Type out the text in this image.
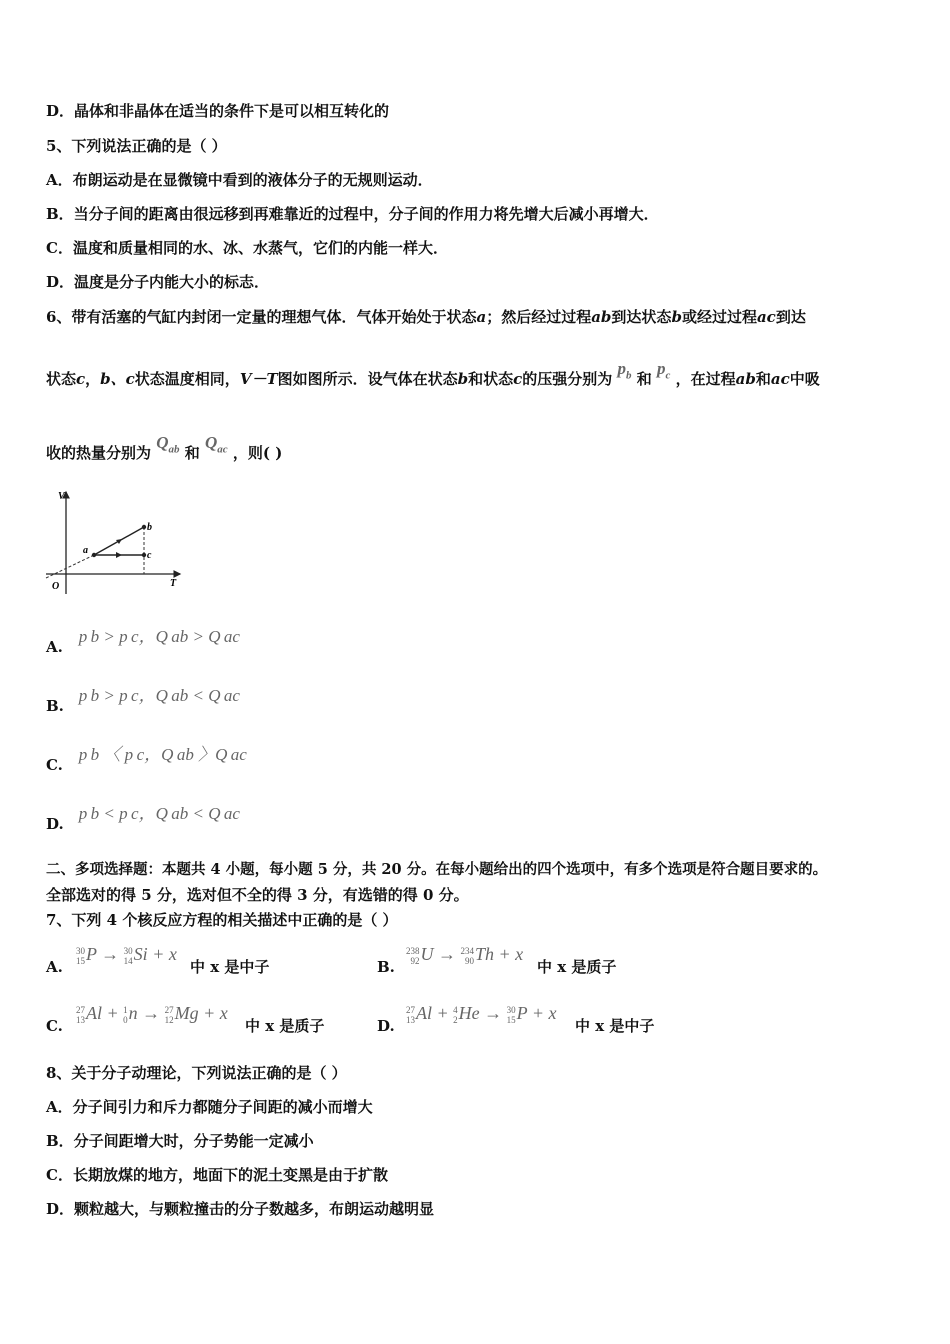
D．晶体和非晶体在适当的条件下是可以相互转化的
5、下列说法正确的是（ ）
A．布朗运动是在显微镜中看到的液体分子的无规则运动．
B．当分子间的距离由很远移到再难靠近的过程中，分子间的作用力将先增大后减小再增大．
C．温度和质量相同的水、冰、水蒸气，它们的内能一样大．
D．温度是分子内能大小的标志．
6、带有活塞的气缸内封闭一定量的理想气体．气体开始处于状态a；然后经过过程ab到达状态b或经过过程ac到达
状态c，b、c状态温度相同，V－T图如图所示．设气体在状态b和状态c的压强分别为 $p_b$ 和 $p_c$ ，在过程ab和ac中吸
收的热量分别为 $Q_{ab}$ 和 $Q_{ac}$ ，则( )
V
T
O
a
b
c
A. p b > p c，Q ab > Q ac
B. p b > p c，Q ab < Q ac
C. p b 〈 p c，Q ab 〉Q ac
D. p b < p c，Q ab < Q ac
二、多项选择题：本题共 4 小题，每小题 5 分，共 20 分。在每小题给出的四个选项中，有多个选项是符合题目要求的。
全部选对的得 5 分，选对但不全的得 3 分，有选错的得 0 分。
7、下列 4 个核反应方程的相关描述中正确的是（ ）
A.
30
15 P → 30
14 Si + x
中 x 是中子	B.
238
92 U → 234
90 Th + x
中 x 是质子
C.
27
13 Al + 1
0 n → 27
12 Mg + x
中 x 是质子	D.
27
13 Al + 4
2 He → 30
15 P + x
中 x 是中子
8、关于分子动理论，下列说法正确的是（ ）
A．分子间引力和斥力都随分子间距的减小而增大
B．分子间距增大时，分子势能一定减小
C．长期放煤的地方，地面下的泥土变黑是由于扩散
D．颗粒越大，与颗粒撞击的分子数越多，布朗运动越明显
